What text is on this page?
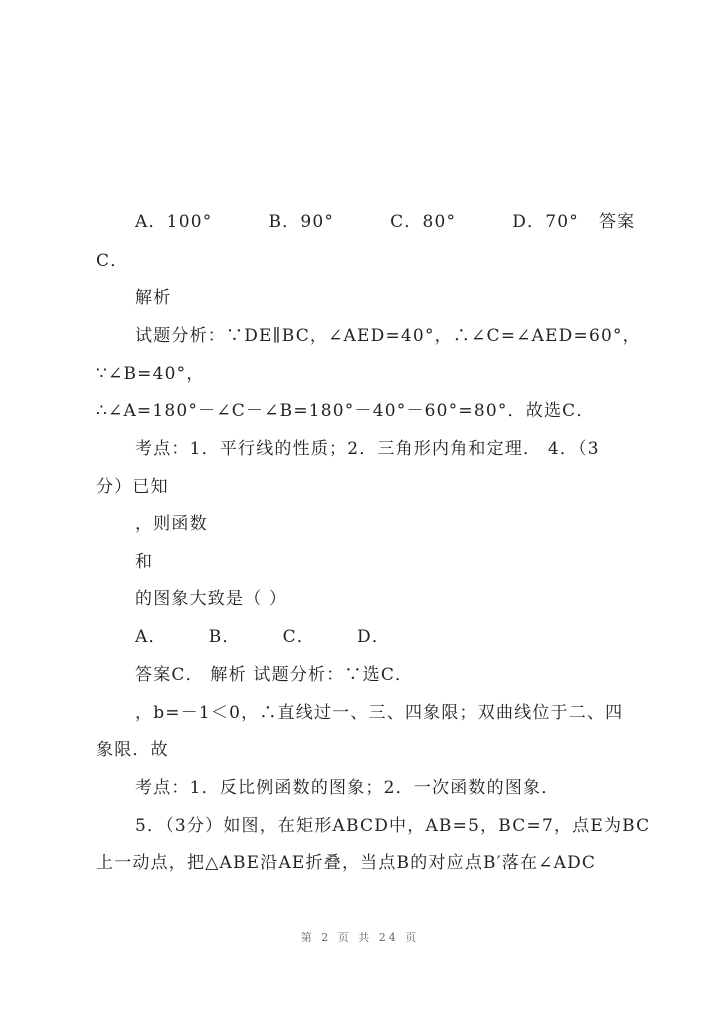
A．100°	B．90°	C．80°	D．70° 答案
C．
解析
试题分析：∵DE∥BC，∠AED=40°，∴∠C=∠AED=60°，
∵∠B=40°，
∴∠A=180°－∠C－∠B=180°－40°－60°=80°．故选C．
考点：1．平行线的性质；2．三角形内角和定理． 4．（3
分）已知
，则函数
和
的图象大致是（ ）
A． B． C． D．
答案C． 解析 试题分析：∵选C．
，b=－1＜0，∴直线过一、三、四象限；双曲线位于二、四
象限．故
考点：1．反比例函数的图象；2．一次函数的图象．
5．（3分）如图，在矩形ABCD中，AB=5，BC=7，点E为BC
上一动点，把△ABE沿AE折叠，当点B的对应点B′落在∠ADC
第 2 页 共 24 页
